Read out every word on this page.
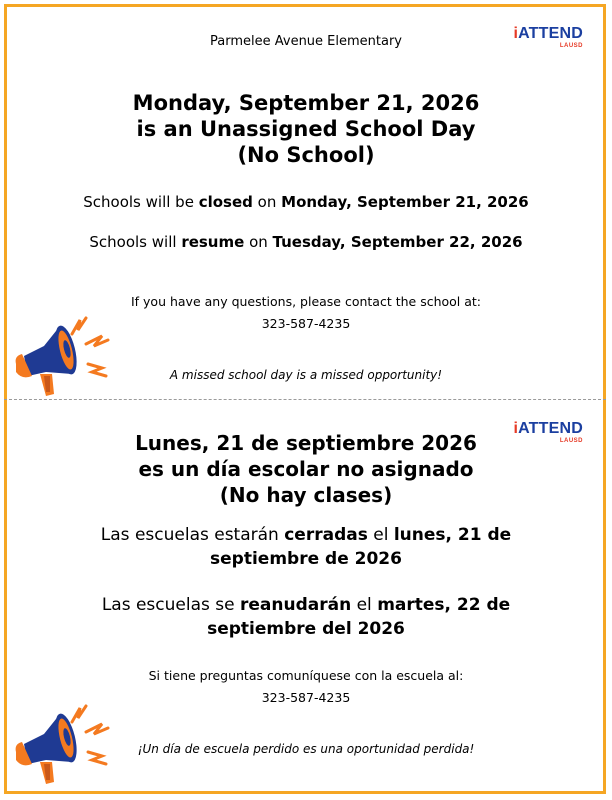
Parmelee Avenue Elementary	iATTEND
LAUSD
Monday, September 21, 2026
is an Unassigned School Day
(No School)
Schools will be closed on Monday, September 21, 2026
Schools will resume on Tuesday, September 22, 2026
If you have any questions, please contact the school at:
323-587-4235
A missed school day is a missed opportunity!
iATTEND
LAUSD
Lunes, 21 de septiembre 2026
es un día escolar no asignado
(No hay clases)
Las escuelas estarán cerradas el lunes, 21 de
septiembre de 2026
Las escuelas se reanudarán el martes, 22 de
septiembre del 2026
Si tiene preguntas comuníquese con la escuela al:
323-587-4235
¡Un día de escuela perdido es una oportunidad perdida!
